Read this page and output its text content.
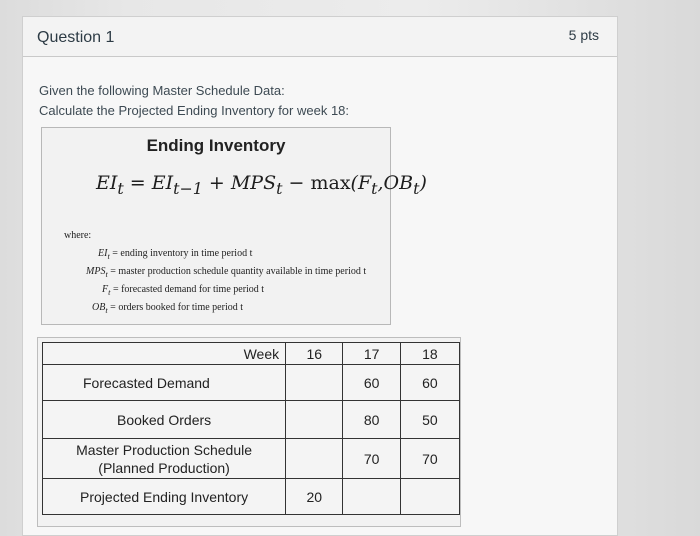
Question 1	5 pts
Given the following Master Schedule Data:
Calculate the Projected Ending Inventory for week 18:
Ending Inventory
$EI_t = EI_{t-1} + MPS_t - \max(F_t,OB_t)$
where:
$EI_t$ = ending inventory in time period t
$MPS_t$ = master production schedule quantity available in time period t
$F_t$ = forecasted demand for time period t
$OB_t$ = orders booked for time period t
Week	16	17	18
Forecasted Demand		60	60
Booked Orders		80	50

Master Production Schedule
(Planned Production)		70	70
Projected Ending Inventory	20		
